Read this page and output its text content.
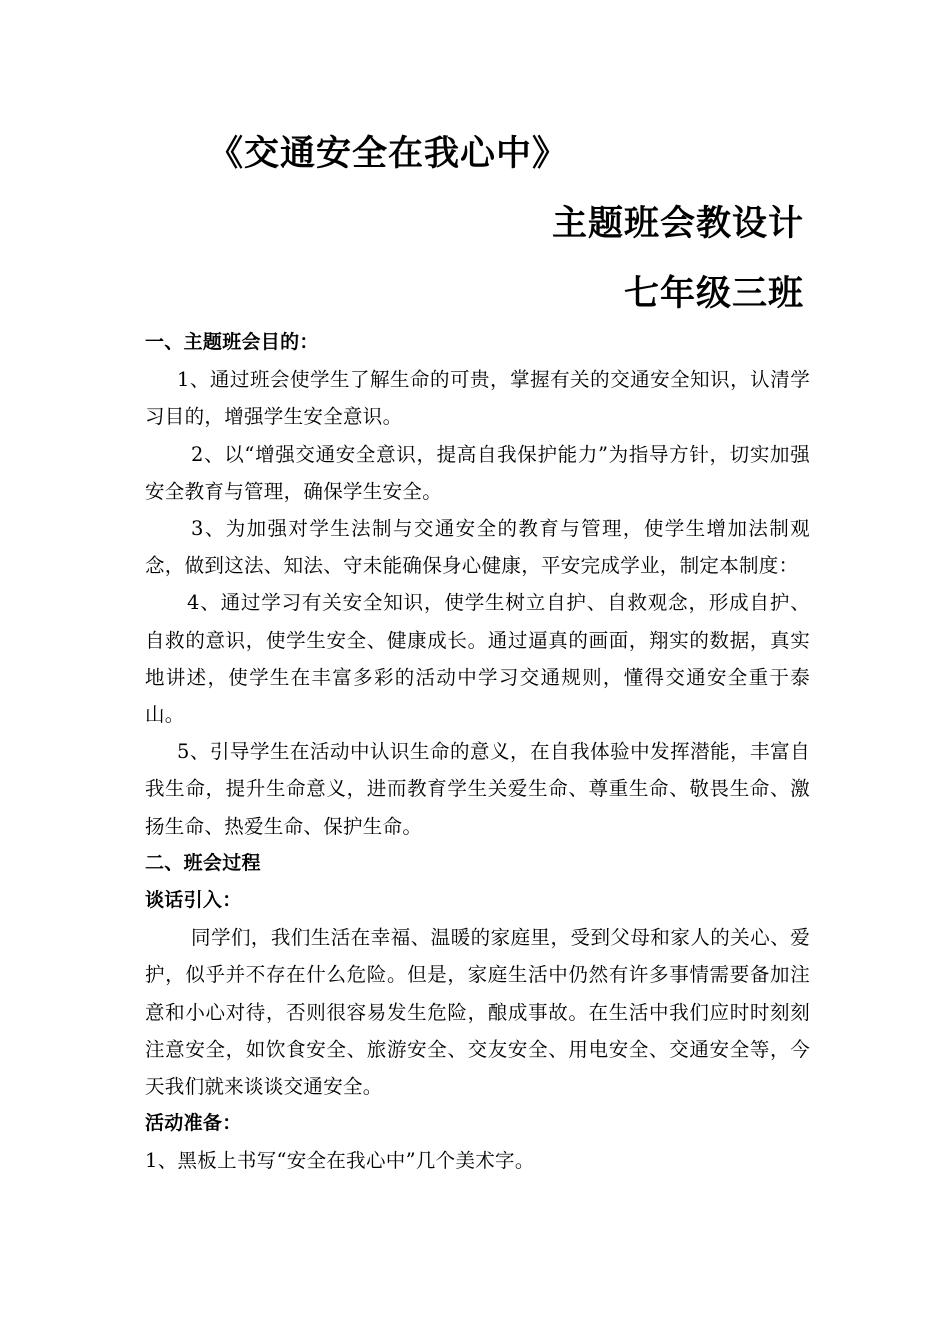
《交通安全在我心中》
主题班会教设计
七年级三班

一、主题班会目的：

1、通过班会使学生了解生命的可贵，掌握有关的交通安全知识，认清学习目的，增强学生安全意识。

2、以“增强交通安全意识，提高自我保护能力”为指导方针，切实加强安全教育与管理，确保学生安全。

3、为加强对学生法制与交通安全的教育与管理，使学生增加法制观念，做到这法、知法、守未能确保身心健康，平安完成学业，制定本制度：

4、通过学习有关安全知识，使学生树立自护、自救观念，形成自护、自救的意识，使学生安全、健康成长。通过逼真的画面，翔实的数据，真实地讲述，使学生在丰富多彩的活动中学习交通规则，懂得交通安全重于泰山。

5、引导学生在活动中认识生命的意义，在自我体验中发挥潜能，丰富自我生命，提升生命意义，进而教育学生关爱生命、尊重生命、敬畏生命、激扬生命、热爱生命、保护生命。

二、班会过程

谈话引入：

同学们，我们生活在幸福、温暖的家庭里，受到父母和家人的关心、爱护，似乎并不存在什么危险。但是，家庭生活中仍然有许多事情需要备加注意和小心对待，否则很容易发生危险，酿成事故。在生活中我们应时时刻刻注意安全，如饮食安全、旅游安全、交友安全、用电安全、交通安全等，今天我们就来谈谈交通安全。

活动准备：

1、黑板上书写“安全在我心中”几个美术字。
